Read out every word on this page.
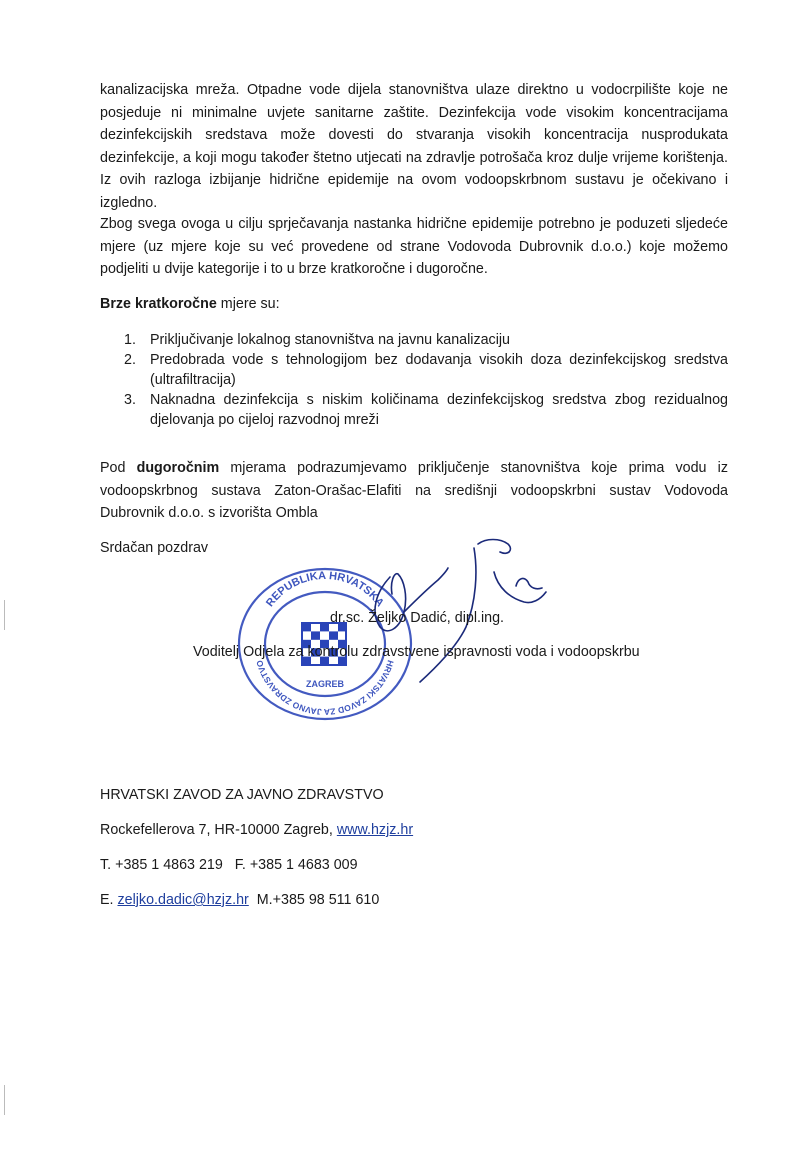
kanalizacijska mreža. Otpadne vode dijela stanovništva ulaze direktno u vodocrpilište koje ne posjeduje ni minimalne uvjete sanitarne zaštite. Dezinfekcija vode visokim koncentracijama dezinfekcijskih sredstava može dovesti do stvaranja visokih koncentracija nusprodukata dezinfekcije, a koji mogu također štetno utjecati na zdravlje potrošača kroz dulje vrijeme korištenja. Iz ovih razloga izbijanje hidrične epidemije na ovom vodoopskrbnom sustavu je očekivano i izgledno.

Zbog svega ovoga u cilju sprječavanja nastanka hidrične epidemije potrebno je poduzeti sljedeće mjere (uz mjere koje su već provedene od strane Vodovoda Dubrovnik d.o.o.) koje možemo podjeliti u dvije kategorije i to u brze kratkoročne i dugoročne.

Brze kratkoročne mjere su:

1. Priključivanje lokalnog stanovništva na javnu kanalizaciju
2. Predobrada vode s tehnologijom bez dodavanja visokih doza dezinfekcijskog sredstva (ultrafiltracija)
3. Naknadna dezinfekcija s niskim količinama dezinfekcijskog sredstva zbog rezidualnog djelovanja po cijeloj razvodnoj mreži

Pod dugoročnim mjerama podrazumjevamo priključenje stanovništva koje prima vodu iz vodoopskrbnog sustava Zaton-Orašac-Elafiti na središnji vodoopskrbni sustav Vodovoda Dubrovnik d.o.o. s izvorišta Ombla

Srdačan pozdrav
REPUBLIKA HRVATSKA
HRVATSKI ZAVOD ZA JAVNO ZDRAVSTVO
ZAGREB
dr.sc. Željko Dadić, dipl.ing.
Voditelj Odjela za kontrolu zdravstvene ispravnosti voda i vodoopskrbu
HRVATSKI ZAVOD ZA JAVNO ZDRAVSTVO
Rockefellerova 7, HR-10000 Zagreb, www.hzjz.hr
T. +385 1 4863 219   F. +385 1 4683 009
E. zeljko.dadic@hzjz.hr  M.+385 98 511 610
